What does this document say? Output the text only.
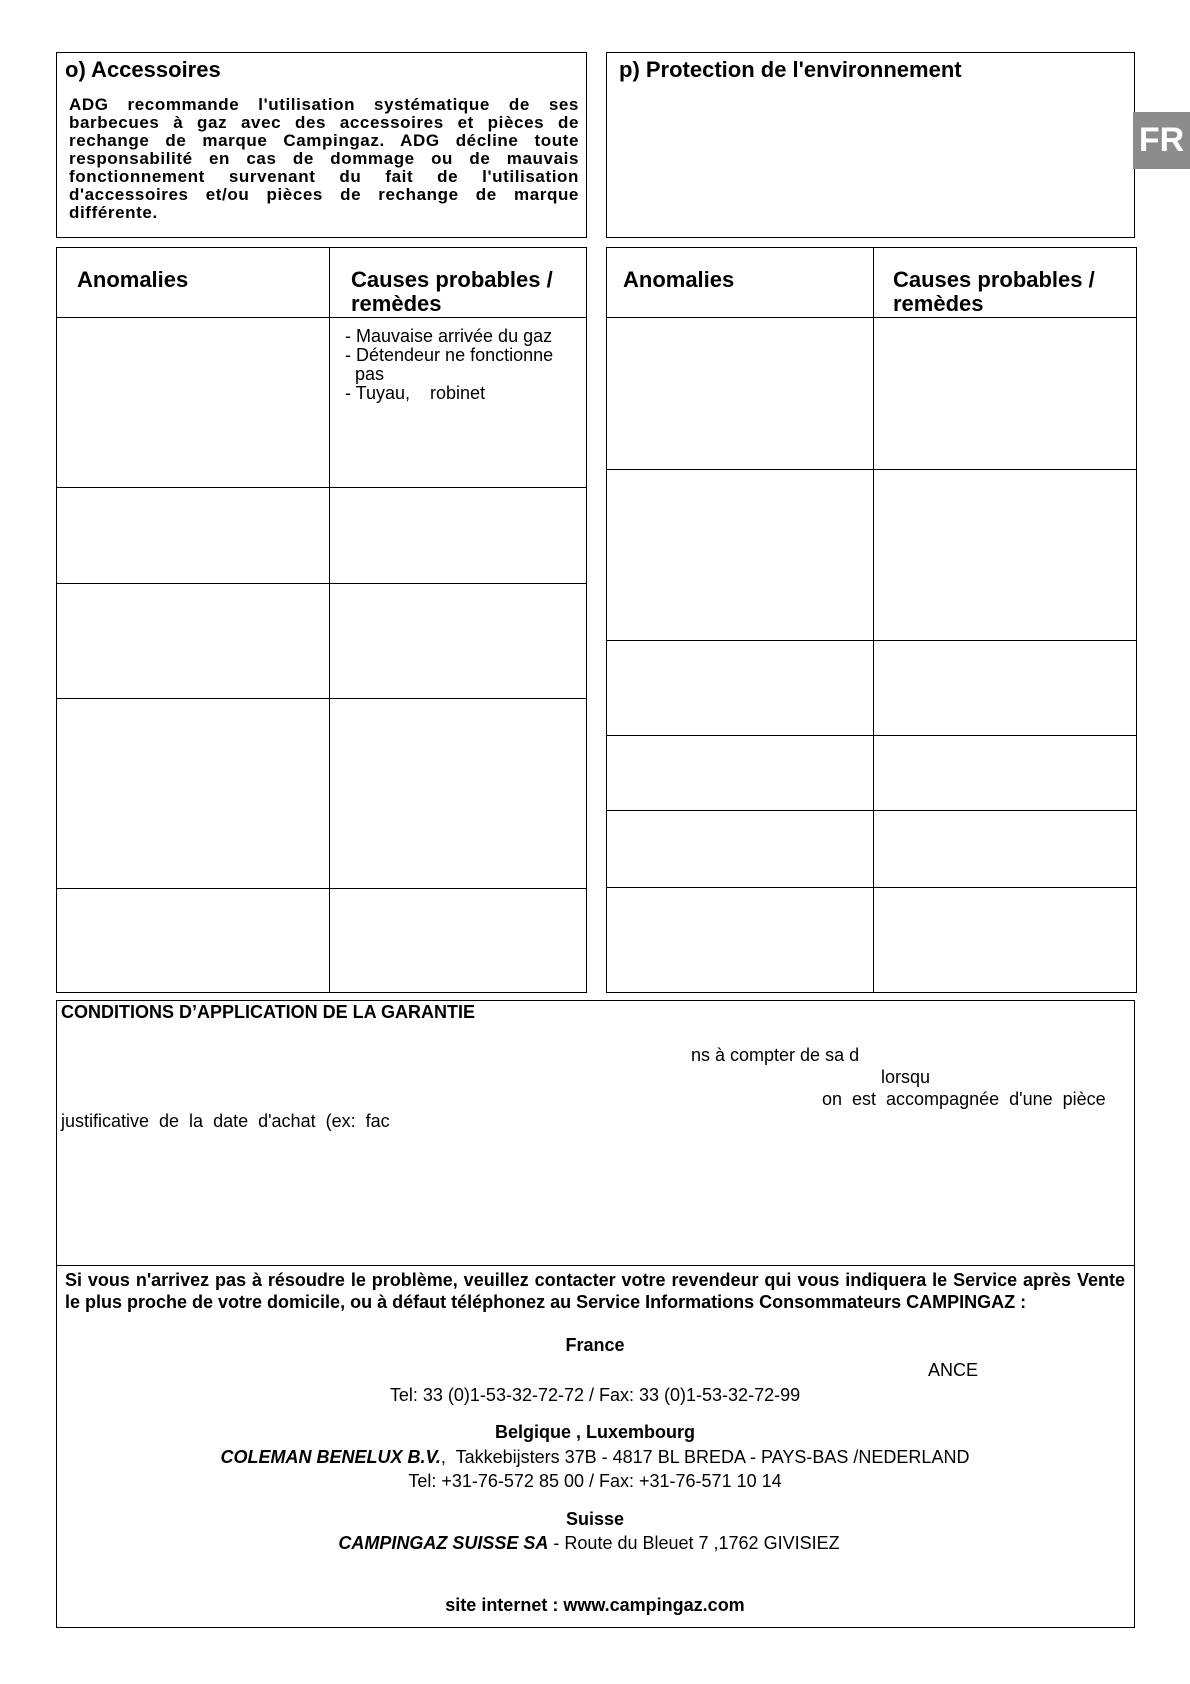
o) Accessoires
ADG recommande l'utilisation systématique de ses barbecues à gaz avec des accessoires et pièces de rechange de marque Campingaz. ADG décline toute responsabilité en cas de dommage ou de mauvais fonctionnement survenant du fait de l'utilisation d'accessoires et/ou pièces de rechange de marque différente.
p) Protection de l'environnement
FR
Anomalies	Causes probables / remèdes
- Mauvaise arrivée du gaz
- Détendeur ne fonctionne
pas
- Tuyau,    robinet
Anomalies	Causes probables / remèdes
CONDITIONS D’APPLICATION DE LA GARANTIE
ns à compter de sa d
lorsqu
on  est  accompagnée  d'une  pièce
justificative  de  la  date  d'achat  (ex:  fac
Si vous n'arrivez pas à résoudre le problème, veuillez contacter votre revendeur qui vous indiquera le Service après Vente le plus proche de votre domicile, ou à défaut téléphonez au Service Informations Consommateurs CAMPINGAZ :
France
ANCE
Tel: 33 (0)1-53-32-72-72 / Fax: 33 (0)1-53-32-72-99
Belgique , Luxembourg
COLEMAN BENELUX B.V.,  Takkebijsters 37B - 4817 BL BREDA - PAYS-BAS /NEDERLAND
Tel: +31-76-572 85 00 / Fax: +31-76-571 10 14
Suisse
CAMPINGAZ SUISSE SA - Route du Bleuet 7 ,1762 GIVISIEZ
site internet : www.campingaz.com
